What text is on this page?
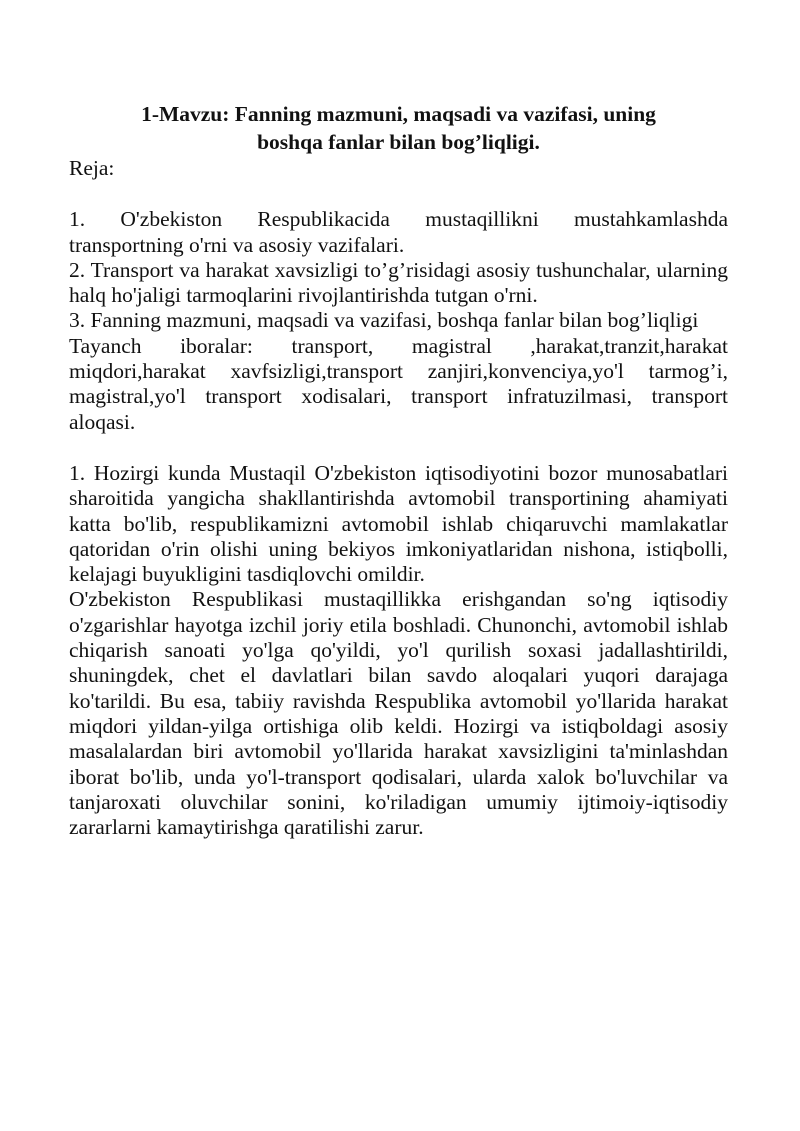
1-Mavzu: Fanning mazmuni, maqsadi va vazifasi, uning
boshqa fanlar bilan bog’liqligi.

Reja:

1. O'zbekiston Respublikacida mustaqillikni mustahkamlashda transportning o'rni va asosiy vazifalari.

2. Transport va harakat xavsizligi to’g’risidagi asosiy tushunchalar, ularning halq ho'jaligi tarmoqlarini rivojlantirishda tutgan o'rni.

3. Fanning mazmuni, maqsadi va vazifasi, boshqa fanlar bilan bog’liqligi

Tayanch iboralar: transport, magistral ,harakat,tranzit,harakat miqdori,harakat xavfsizligi,transport zanjiri,konvenciya,yo'l tarmog’i, magistral,yo'l transport xodisalari, transport infratuzilmasi, transport aloqasi.

1. Hozirgi kunda Mustaqil O'zbekiston iqtisodiyotini bozor munosabatlari sharoitida yangicha shakllantirishda avtomobil transportining ahamiyati katta bo'lib, respublikamizni avtomobil ishlab chiqaruvchi mamlakatlar qatoridan o'rin olishi uning bekiyos imkoniyatlaridan nishona, istiqbolli, kelajagi buyukligini tasdiqlovchi omildir.

O'zbekiston Respublikasi mustaqillikka erishgandan so'ng iqtisodiy o'zgarishlar hayotga izchil joriy etila boshladi. Chunonchi, avtomobil ishlab chiqarish sanoati yo'lga qo'yildi, yo'l qurilish soxasi jadallashtirildi, shuningdek, chet el davlatlari bilan savdo aloqalari yuqori darajaga ko'tarildi. Bu esa, tabiiy ravishda Respublika avtomobil yo'llarida harakat miqdori yildan-yilga ortishiga olib keldi. Hozirgi va istiqboldagi asosiy masalalardan biri avtomobil yo'llarida harakat xavsizligini ta'minlashdan iborat bo'lib, unda yo'l-transport qodisalari, ularda xalok bo'luvchilar va tanjaroxati oluvchilar sonini, ko'riladigan umumiy ijtimoiy-iqtisodiy zararlarni kamaytirishga qaratilishi zarur.
